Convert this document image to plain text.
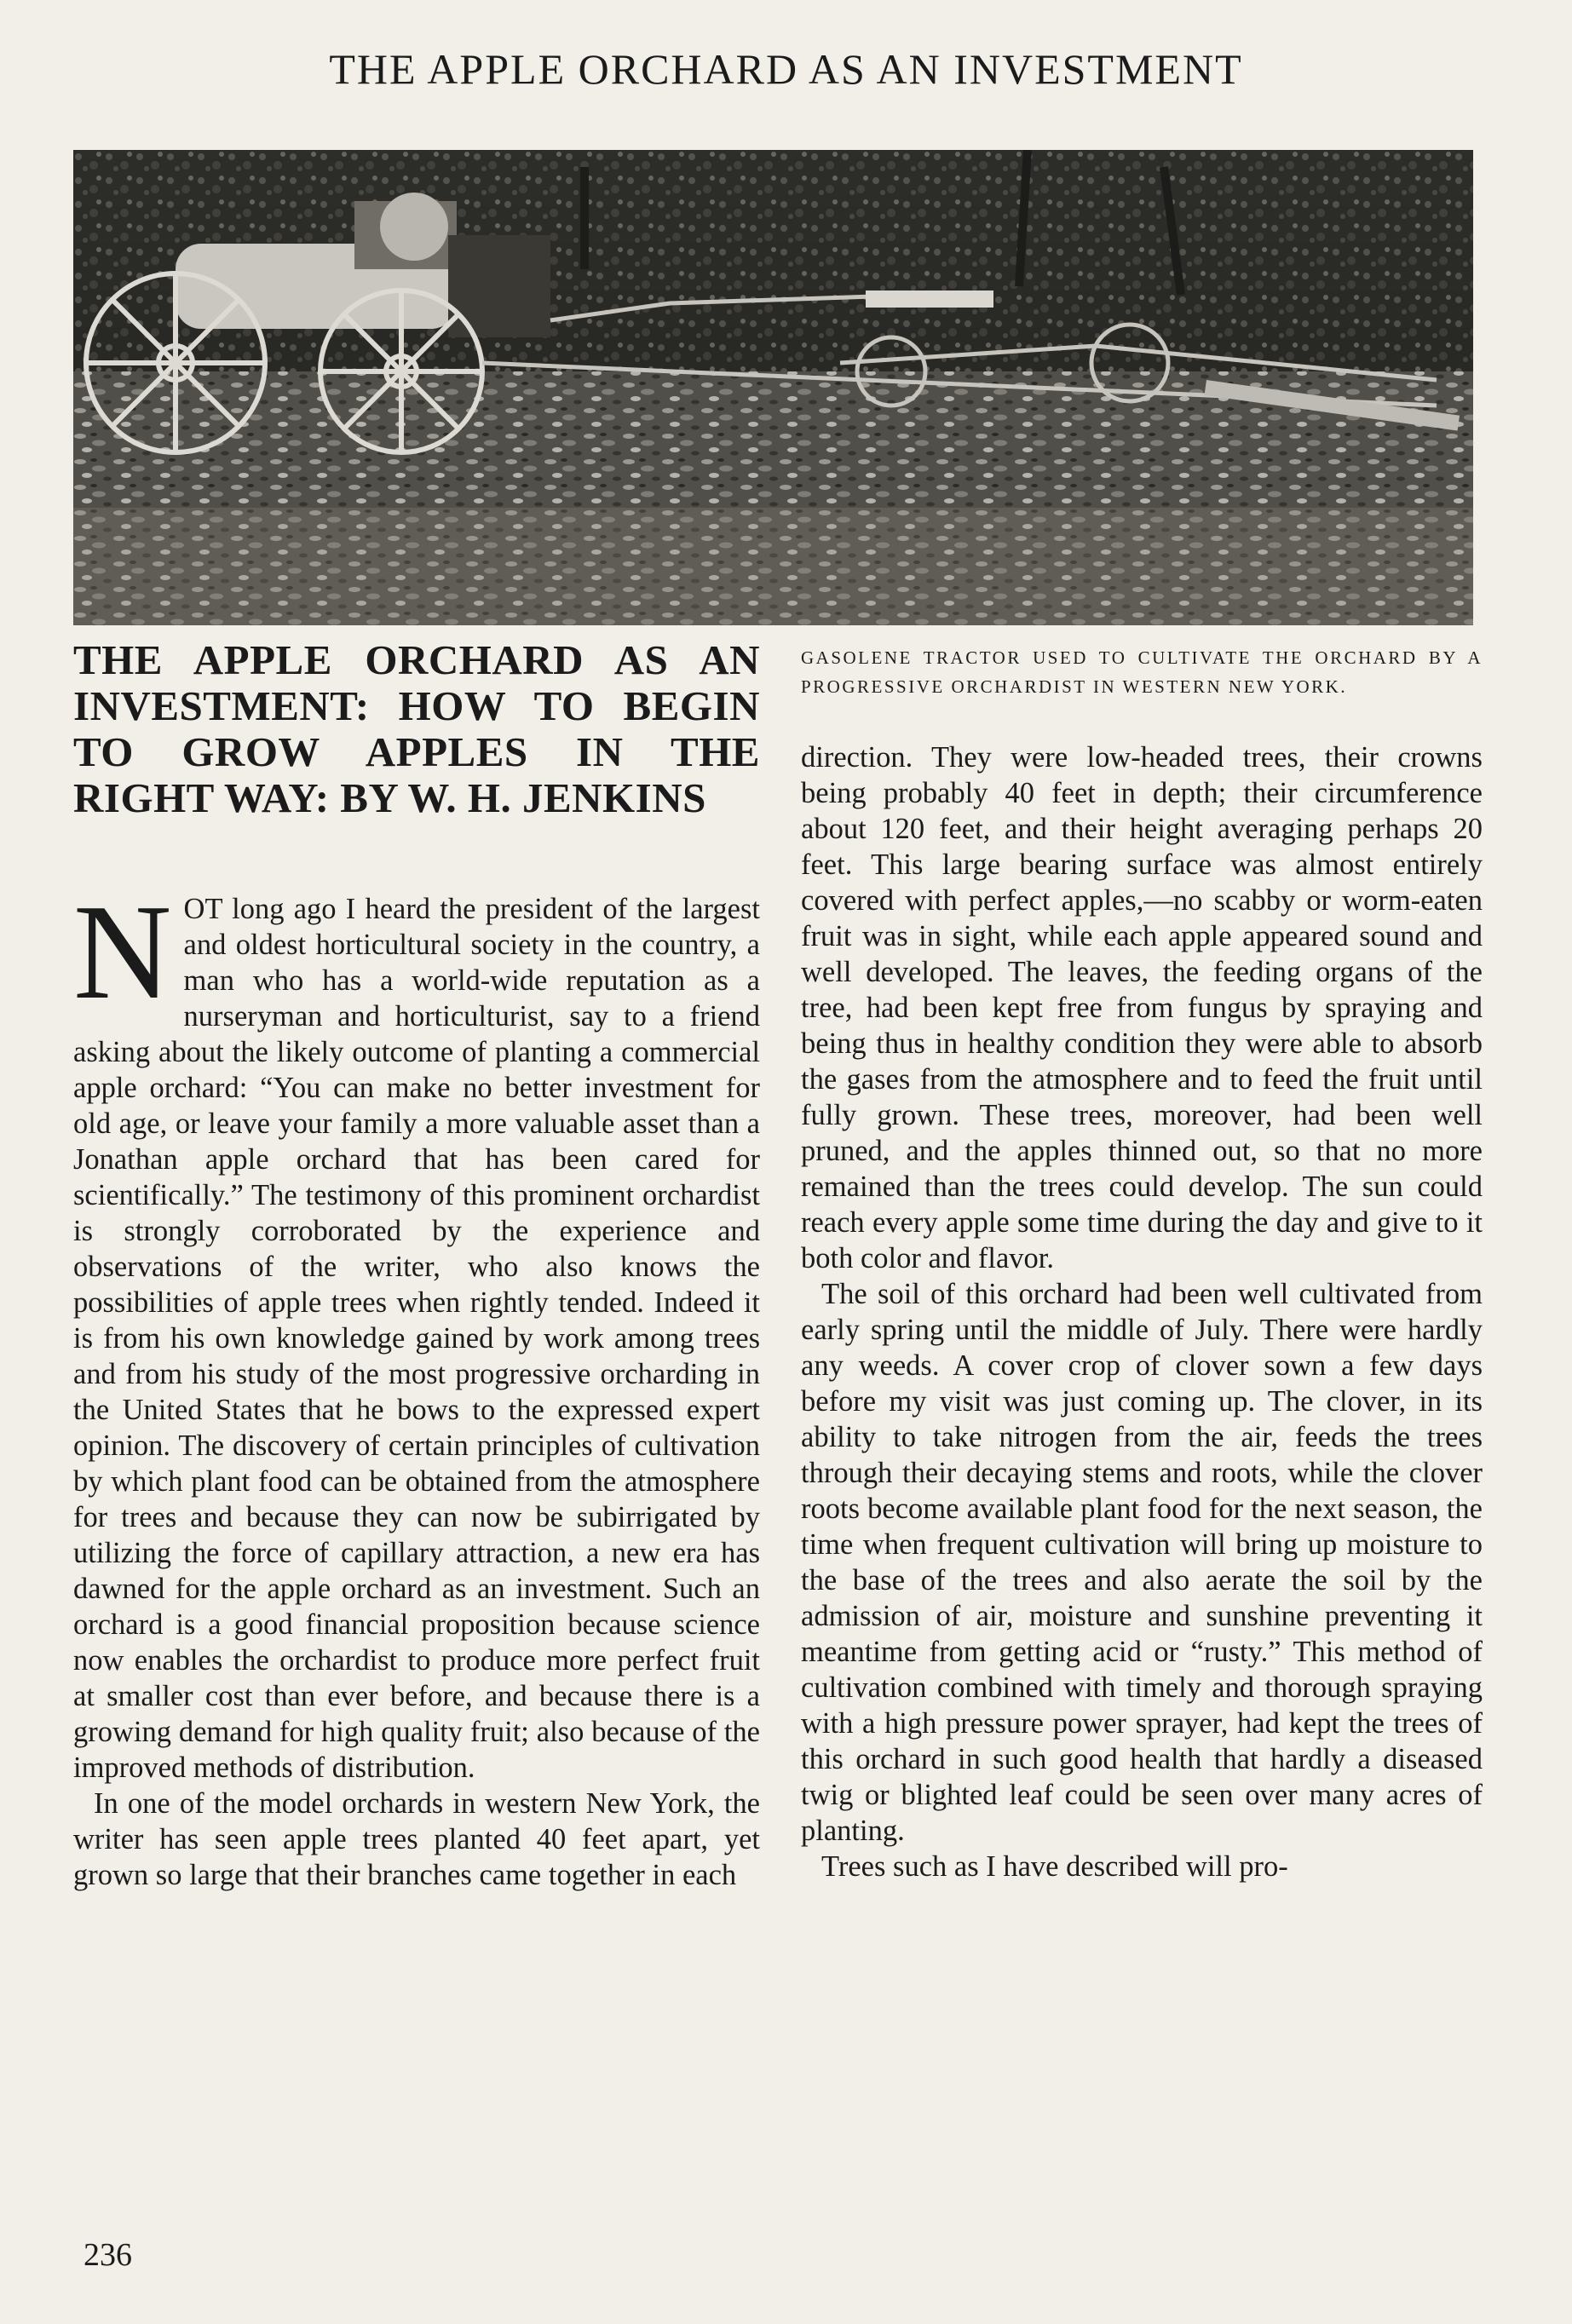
THE APPLE ORCHARD AS AN INVESTMENT

GASOLENE TRACTOR USED TO CULTIVATE THE ORCHARD BY A PROGRESSIVE ORCHARDIST IN WESTERN NEW YORK.

THE APPLE ORCHARD AS AN INVESTMENT: HOW TO BEGIN TO GROW APPLES IN THE RIGHT WAY: BY W. H. JENKINS

NOT long ago I heard the president of the largest and oldest horticultural society in the country, a man who has a world-wide reputation as a nurseryman and horticulturist, say to a friend asking about the likely outcome of planting a commercial apple orchard: “You can make no better investment for old age, or leave your family a more valuable asset than a Jonathan apple orchard that has been cared for scientifically.” The testimony of this prominent orchardist is strongly corroborated by the experience and observations of the writer, who also knows the possibilities of apple trees when rightly tended. Indeed it is from his own knowledge gained by work among trees and from his study of the most progressive orcharding in the United States that he bows to the expressed expert opinion. The discovery of certain principles of cultivation by which plant food can be obtained from the atmosphere for trees and because they can now be subirrigated by utilizing the force of capillary attraction, a new era has dawned for the apple orchard as an investment. Such an orchard is a good financial proposition because science now enables the orchardist to produce more perfect fruit at smaller cost than ever before, and because there is a growing demand for high quality fruit; also because of the improved methods of distribution.

In one of the model orchards in western New York, the writer has seen apple trees planted 40 feet apart, yet grown so large that their branches came together in each

direction. They were low-headed trees, their crowns being probably 40 feet in depth; their circumference about 120 feet, and their height averaging perhaps 20 feet. This large bearing surface was almost entirely covered with perfect apples,—no scabby or worm-eaten fruit was in sight, while each apple appeared sound and well developed. The leaves, the feeding organs of the tree, had been kept free from fungus by spraying and being thus in healthy condition they were able to absorb the gases from the atmosphere and to feed the fruit until fully grown. These trees, moreover, had been well pruned, and the apples thinned out, so that no more remained than the trees could develop. The sun could reach every apple some time during the day and give to it both color and flavor.

The soil of this orchard had been well cultivated from early spring until the middle of July. There were hardly any weeds. A cover crop of clover sown a few days before my visit was just coming up. The clover, in its ability to take nitrogen from the air, feeds the trees through their decaying stems and roots, while the clover roots become available plant food for the next season, the time when frequent cultivation will bring up moisture to the base of the trees and also aerate the soil by the admission of air, moisture and sunshine preventing it meantime from getting acid or “rusty.” This method of cultivation combined with timely and thorough spraying with a high pressure power sprayer, had kept the trees of this orchard in such good health that hardly a diseased twig or blighted leaf could be seen over many acres of planting.

Trees such as I have described will pro-

236
